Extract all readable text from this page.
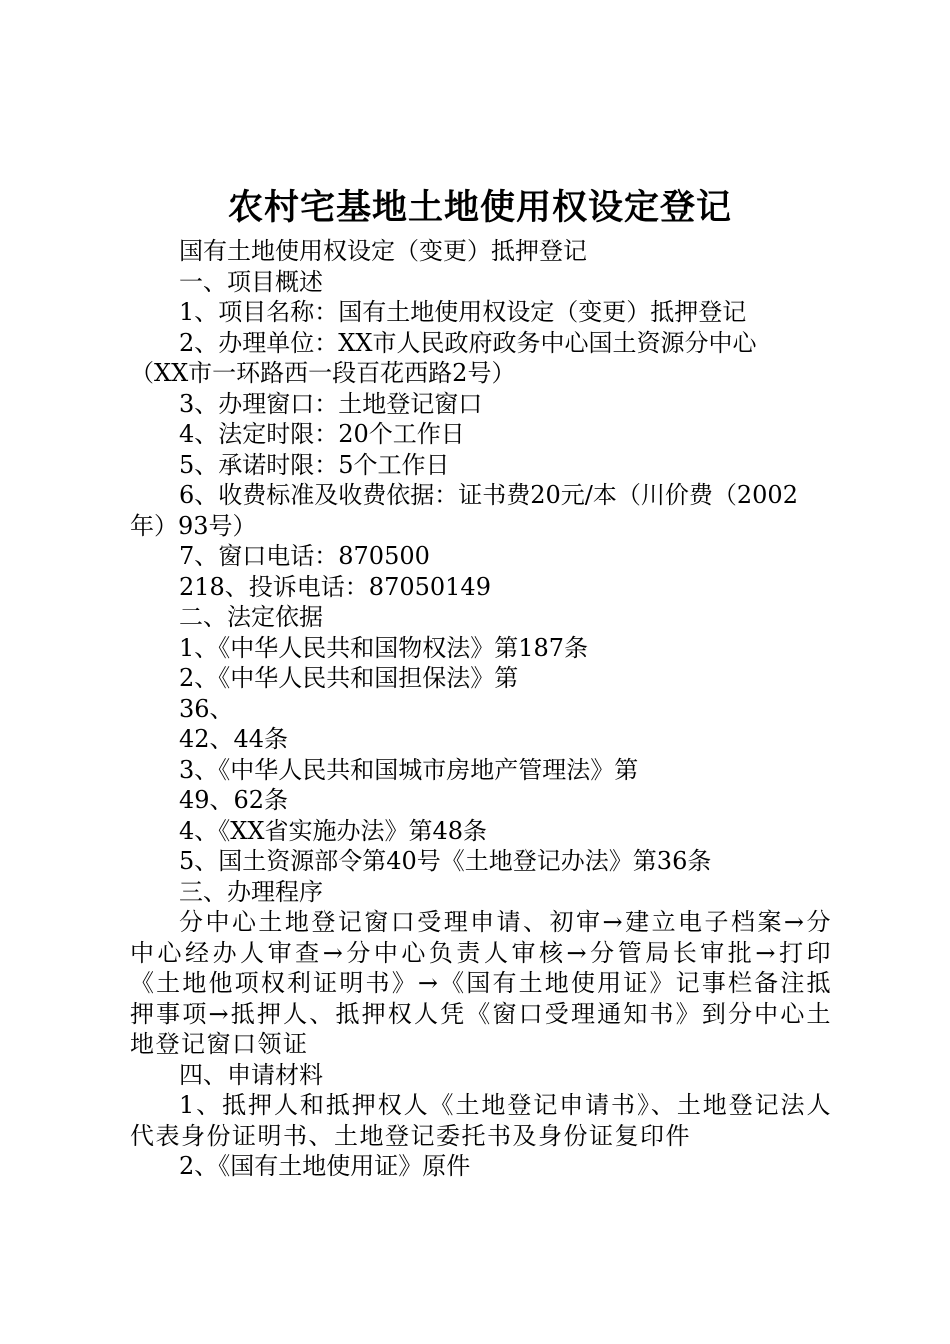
农村宅基地土地使用权设定登记
国有土地使用权设定（变更）抵押登记
一、项目概述
1、项目名称：国有土地使用权设定（变更）抵押登记
2、办理单位：XX市人民政府政务中心国土资源分中心
（XX市一环路西一段百花西路2号）
3、办理窗口：土地登记窗口
4、法定时限：20个工作日
5、承诺时限：5个工作日
6、收费标准及收费依据：证书费20元/本（川价费（2002
年）93号）
7、窗口电话：870500
218、投诉电话：87050149
二、法定依据
1、《中华人民共和国物权法》第187条
2、《中华人民共和国担保法》第
36、
42、44条
3、《中华人民共和国城市房地产管理法》第
49、62条
4、《XX省实施办法》第48条
5、国土资源部令第40号《土地登记办法》第36条
三、办理程序
分中心土地登记窗口受理申请、初审→建立电子档案→分中心经办人审查→分中心负责人审核→分管局长审批→打印《土地他项权利证明书》→《国有土地使用证》记事栏备注抵押事项→抵押人、抵押权人凭《窗口受理通知书》到分中心土地登记窗口领证
四、申请材料
1、抵押人和抵押权人《土地登记申请书》、土地登记法人代表身份证明书、土地登记委托书及身份证复印件
2、《国有土地使用证》原件
